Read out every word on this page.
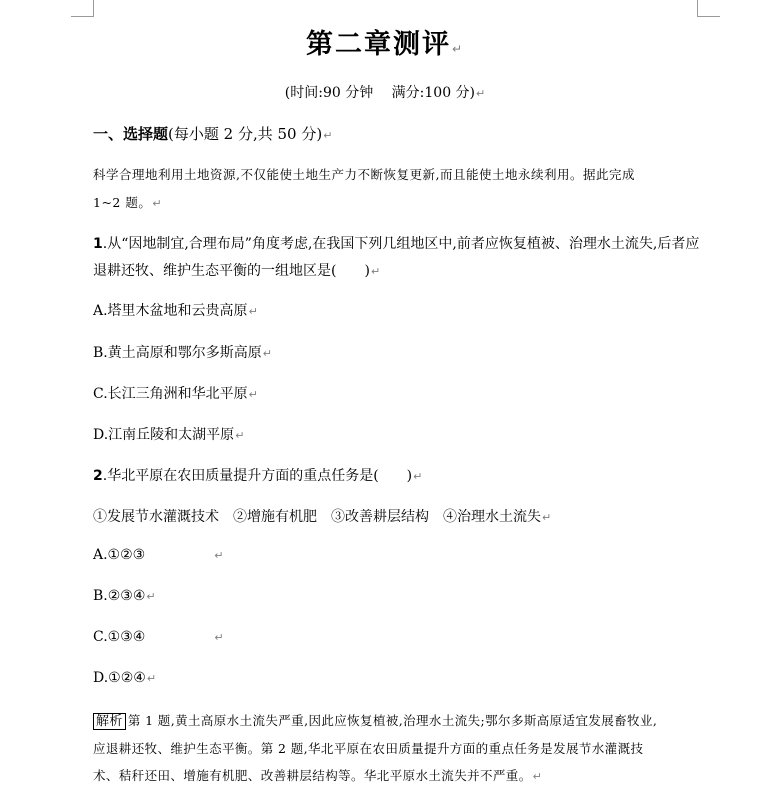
第二章测评↵
(时间:90 分钟　 满分:100 分)↵
一、选择题(每小题 2 分,共 50 分)↵
科学合理地利用土地资源,不仅能使土地生产力不断恢复更新,而且能使土地永续利用。据此完成
1~2 题。↵
1.从“因地制宜,合理布局”角度考虑,在我国下列几组地区中,前者应恢复植被、治理水土流失,后者应
退耕还牧、维护生态平衡的一组地区是(　　)↵
A.塔里木盆地和云贵高原↵
B.黄土高原和鄂尔多斯高原↵
C.长江三角洲和华北平原↵
D.江南丘陵和太湖平原↵
2.华北平原在农田质量提升方面的重点任务是(　　)↵
①发展节水灌溉技术　②增施有机肥　③改善耕层结构　④治理水土流失↵
A.①②③	↵
B.②③④↵
C.①③④	↵
D.①②④↵
解析 第 1 题,黄土高原水土流失严重,因此应恢复植被,治理水土流失;鄂尔多斯高原适宜发展畜牧业,
应退耕还牧、维护生态平衡。第 2 题,华北平原在农田质量提升方面的重点任务是发展节水灌溉技
术、秸秆还田、增施有机肥、改善耕层结构等。华北平原水土流失并不严重。↵
